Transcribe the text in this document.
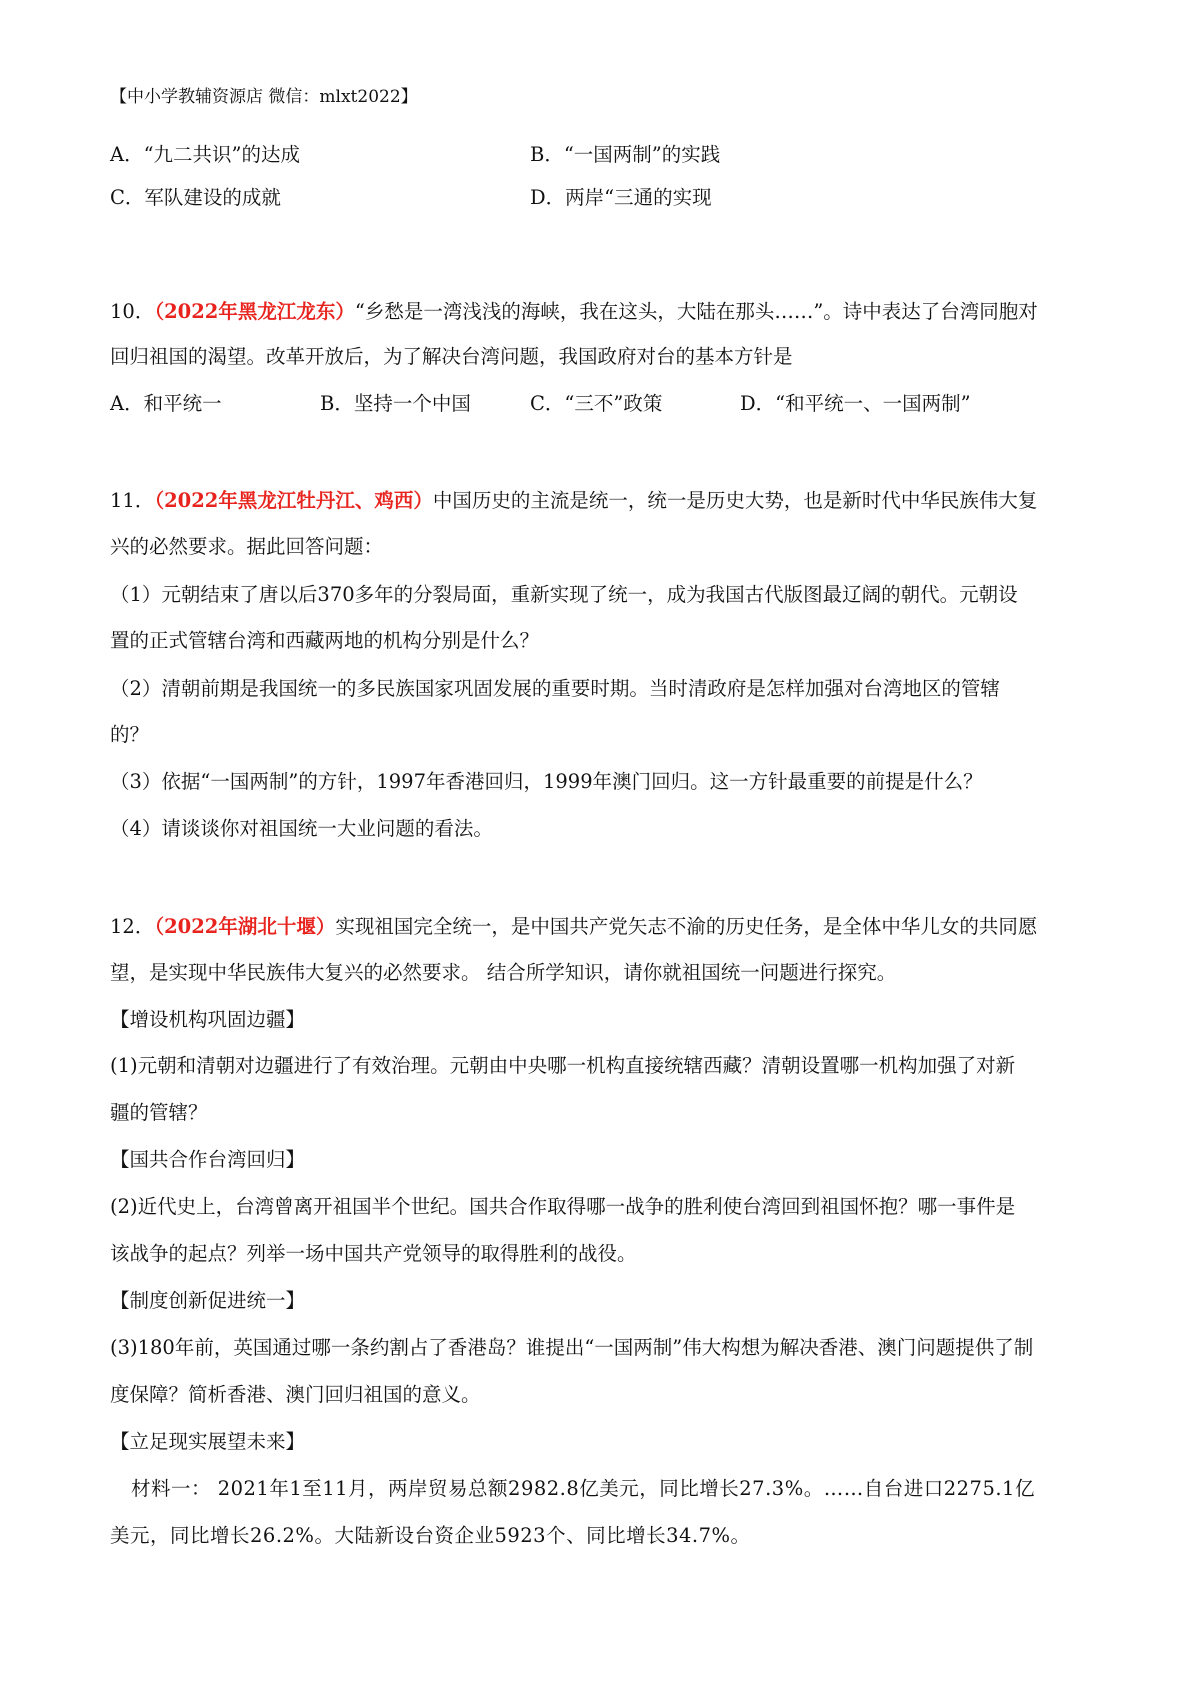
【中小学教辅资源店 微信：mlxt2022】
A．“九二共识”的达成	B．“一国两制”的实践
C．军队建设的成就	D．两岸“三通的实现
10．（2022年黑龙江龙东）“乡愁是一湾浅浅的海峡，我在这头，大陆在那头……”。诗中表达了台湾同胞对
回归祖国的渴望。改革开放后，为了解决台湾问题，我国政府对台的基本方针是
A．和平统一	B．坚持一个中国	C．“三不”政策	D．“和平统一、一国两制”
11．（2022年黑龙江牡丹江、鸡西）中国历史的主流是统一，统一是历史大势，也是新时代中华民族伟大复
兴的必然要求。据此回答问题：
（1）元朝结束了唐以后370多年的分裂局面，重新实现了统一，成为我国古代版图最辽阔的朝代。元朝设
置的正式管辖台湾和西藏两地的机构分别是什么？
（2）清朝前期是我国统一的多民族国家巩固发展的重要时期。当时清政府是怎样加强对台湾地区的管辖
的？
（3）依据“一国两制”的方针，1997年香港回归，1999年澳门回归。这一方针最重要的前提是什么？
（4）请谈谈你对祖国统一大业问题的看法。
12．（2022年湖北十堰）实现祖国完全统一，是中国共产党矢志不渝的历史任务，是全体中华儿女的共同愿
望，是实现中华民族伟大复兴的必然要求。 结合所学知识，请你就祖国统一问题进行探究。
【增设机构巩固边疆】
(1)元朝和清朝对边疆进行了有效治理。元朝由中央哪一机构直接统辖西藏？清朝设置哪一机构加强了对新
疆的管辖？
【国共合作台湾回归】
(2)近代史上，台湾曾离开祖国半个世纪。国共合作取得哪一战争的胜利使台湾回到祖国怀抱？哪一事件是
该战争的起点？列举一场中国共产党领导的取得胜利的战役。
【制度创新促进统一】
(3)180年前，英国通过哪一条约割占了香港岛？谁提出“一国两制”伟大构想为解决香港、澳门问题提供了制
度保障？简析香港、澳门回归祖国的意义。
【立足现实展望未来】
材料一： 2021年1至11月，两岸贸易总额2982.8亿美元，同比增长27.3%。……自台进口2275.1亿
美元，同比增长26.2%。大陆新设台资企业5923个、同比增长34.7%。
